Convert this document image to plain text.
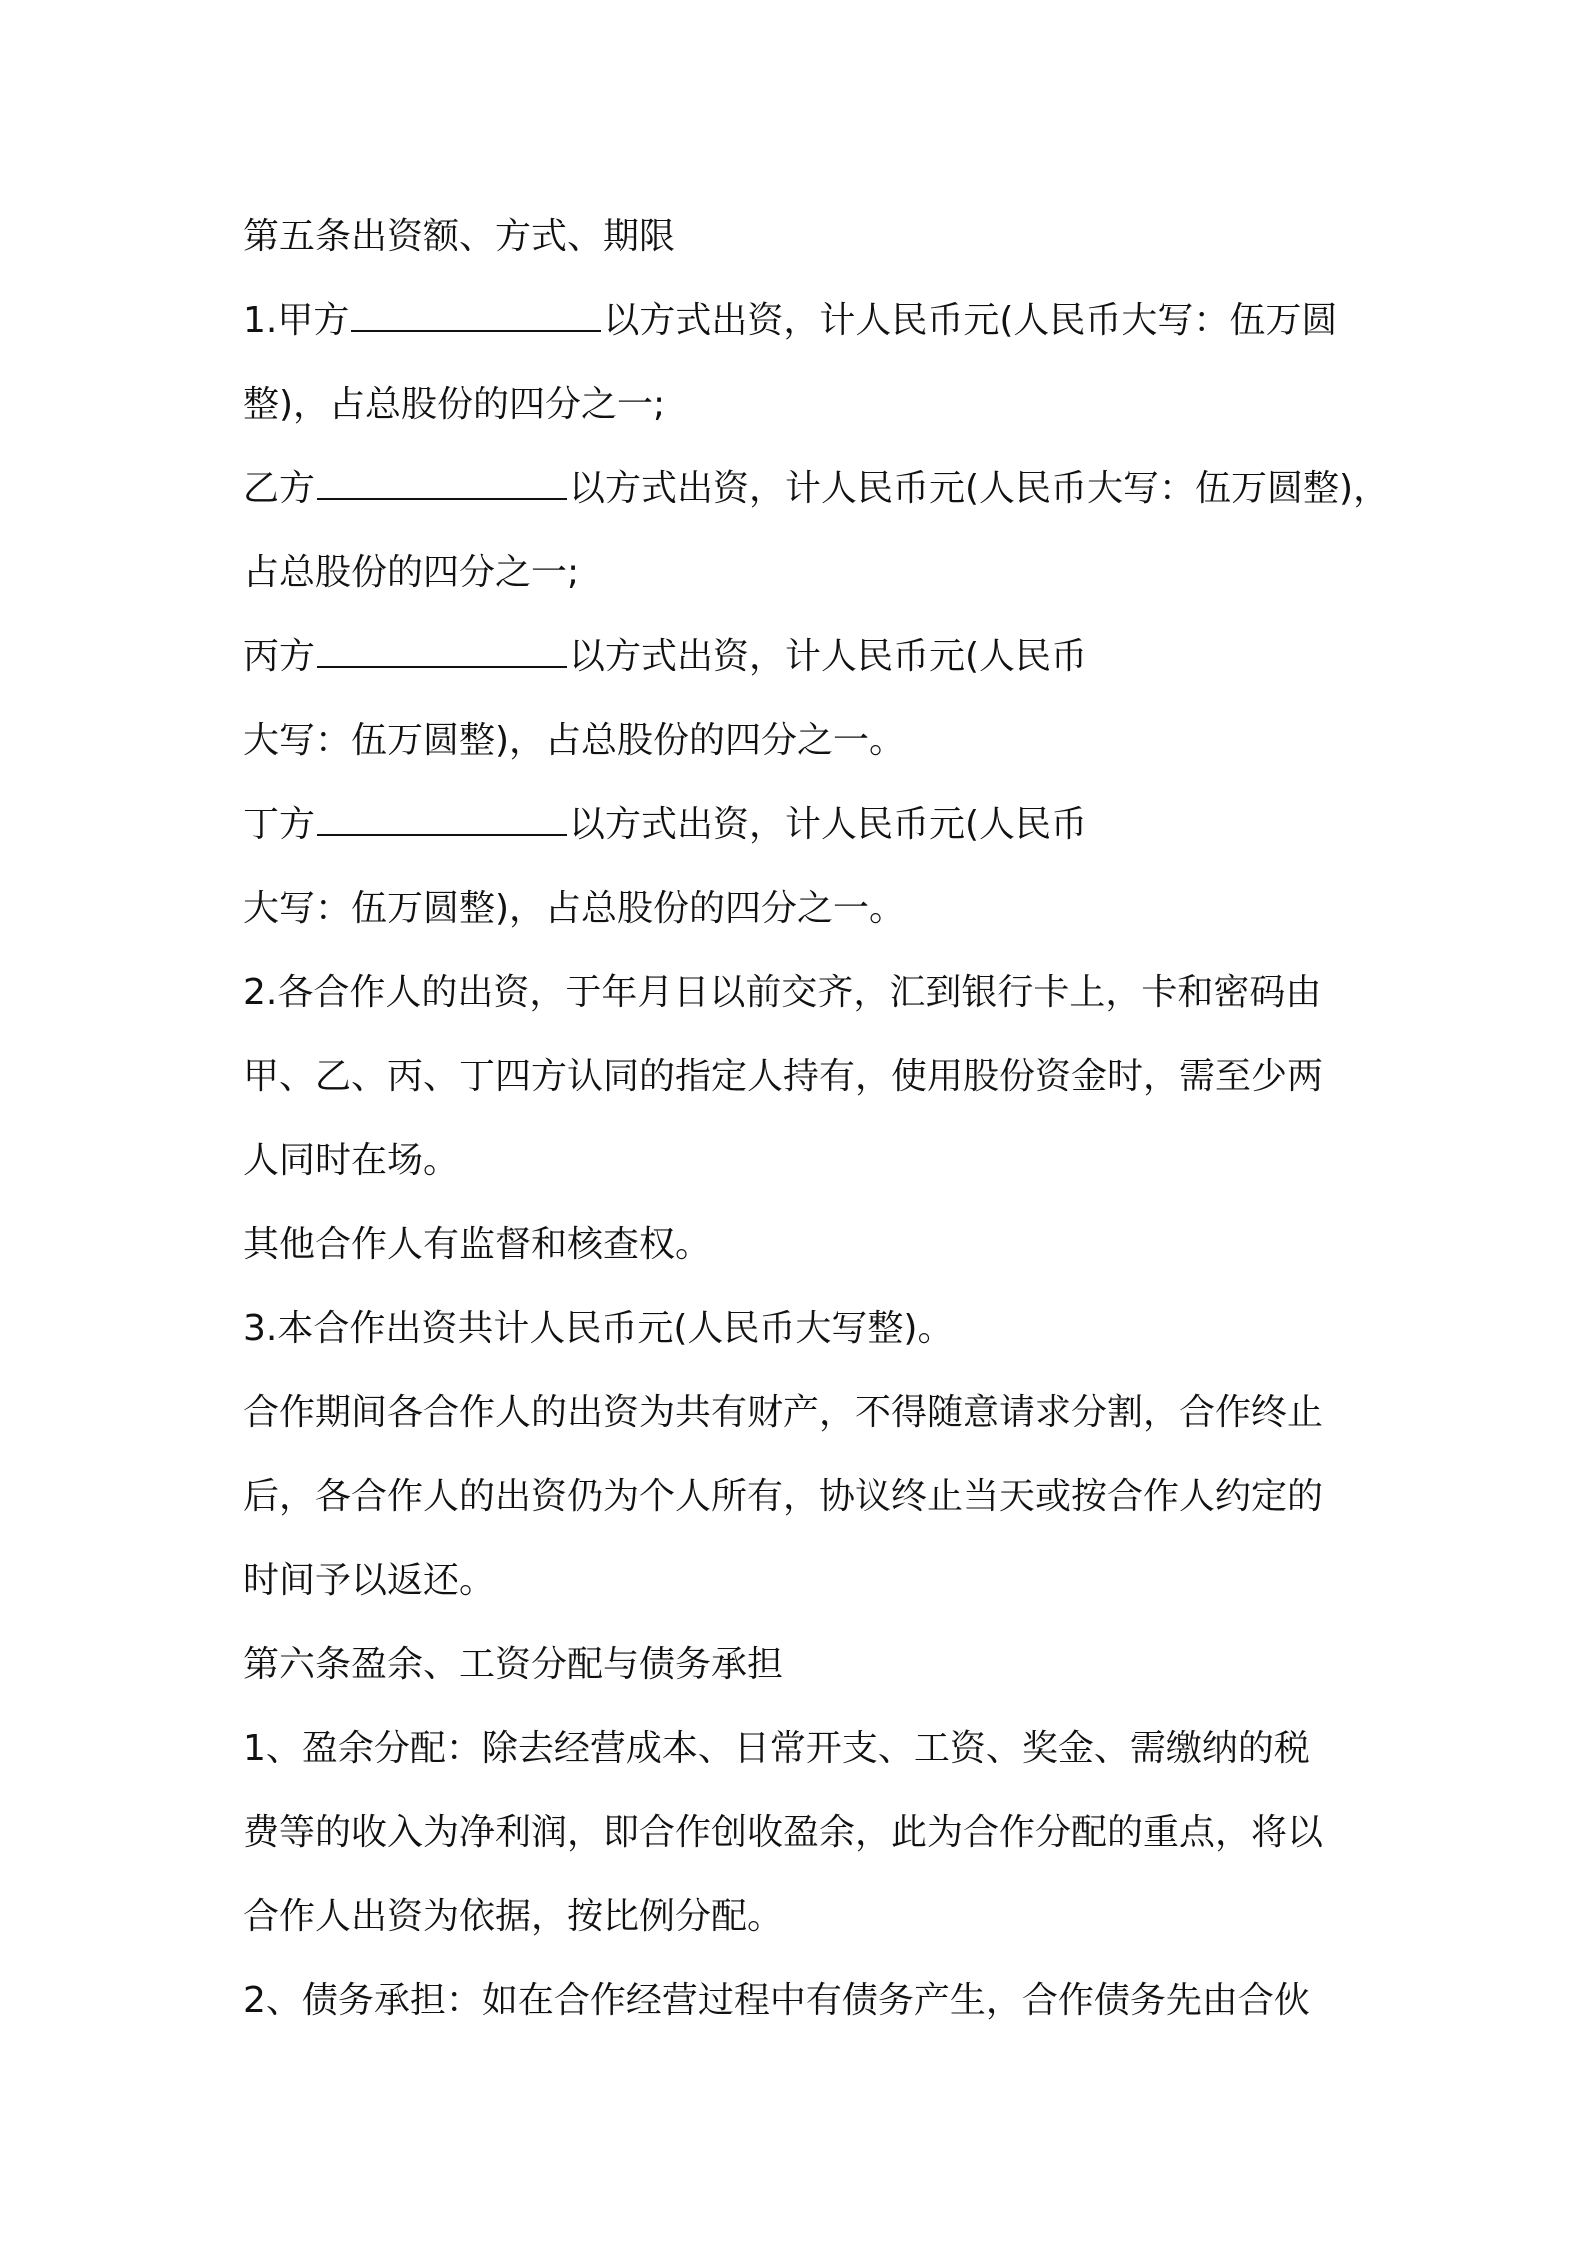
第五条出资额、方式、期限
1.甲方	以方式出资，计人民币元(人民币大写：伍万圆
整)，占总股份的四分之一;
乙方	以方式出资，计人民币元(人民币大写：伍万圆整)，
占总股份的四分之一;
丙方	以方式出资，计人民币元(人民币
大写：伍万圆整)，占总股份的四分之一。
丁方	以方式出资，计人民币元(人民币
大写：伍万圆整)，占总股份的四分之一。
2.各合作人的出资，于年月日以前交齐，汇到银行卡上，卡和密码由
甲、乙、丙、丁四方认同的指定人持有，使用股份资金时，需至少两
人同时在场。
其他合作人有监督和核查权。
3.本合作出资共计人民币元(人民币大写整)。
合作期间各合作人的出资为共有财产，不得随意请求分割，合作终止
后，各合作人的出资仍为个人所有，协议终止当天或按合作人约定的
时间予以返还。
第六条盈余、工资分配与债务承担
1、盈余分配：除去经营成本、日常开支、工资、奖金、需缴纳的税
费等的收入为净利润，即合作创收盈余，此为合作分配的重点，将以
合作人出资为依据，按比例分配。
2、债务承担：如在合作经营过程中有债务产生，合作债务先由合伙
